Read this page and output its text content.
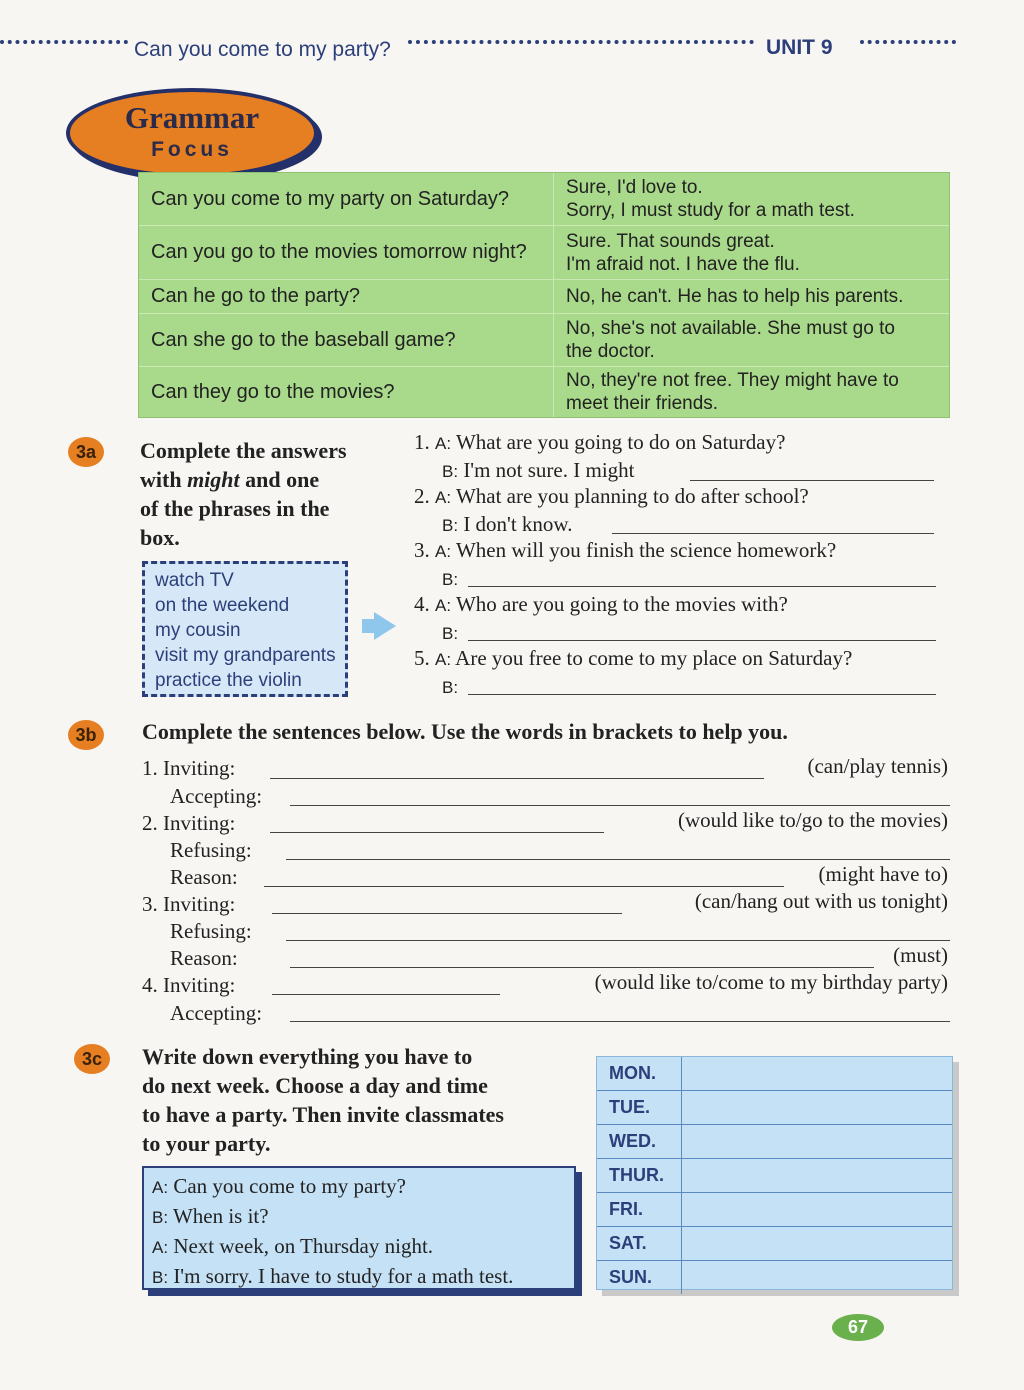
Can you come to my party?	UNIT 9
Grammar
Focus
Can you come to my party on Saturday?	Sure, I'd love to.
Sorry, I must study for a math test.
Can you go to the movies tomorrow night?	Sure. That sounds great.
I'm afraid not. I have the flu.
Can he go to the party?	No, he can't. He has to help his parents.
Can she go to the baseball game?	No, she's not available. She must go to
the doctor.
Can they go to the movies?	No, they're not free. They might have to
meet their friends.
3a	Complete the answers
with might and one
of the phrases in the
box.
watch TV
on the weekend
my cousin
visit my grandparents
practice the violin
1. A: What are you going to do on Saturday?
B: I'm not sure. I might
2. A: What are you planning to do after school?
B: I don't know.
3. A: When will you finish the science homework?
B:
4. A: Who are you going to the movies with?
B:
5. A: Are you free to come to my place on Saturday?
B:
3b	Complete the sentences below. Use the words in brackets to help you.
1. Inviting:	(can/play tennis)
Accepting:
2. Inviting:	(would like to/go to the movies)
Refusing:
Reason:	(might have to)
3. Inviting:	(can/hang out with us tonight)
Refusing:
Reason:	(must)
4. Inviting:	(would like to/come to my birthday party)
Accepting:
3c	Write down everything you have to
do next week. Choose a day and time
to have a party. Then invite classmates
to your party.
A: Can you come to my party?
B: When is it?
A: Next week, on Thursday night.
B: I'm sorry. I have to study for a math test.
MON.
TUE.
WED.
THUR.
FRI.
SAT.
SUN.
67
